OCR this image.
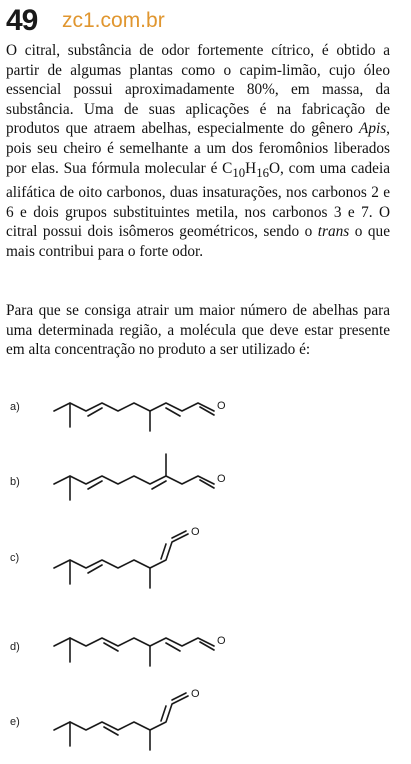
49 zc1.com.br

O citral, substância de odor fortemente cítrico, é obtido a partir de algumas plantas como o capim-limão, cujo óleo essencial possui aproximadamente 80%, em massa, da substância. Uma de suas aplicações é na fabricação de produtos que atraem abelhas, especialmente do gênero Apis, pois seu cheiro é semelhante a um dos feromônios liberados por elas. Sua fórmula molecular é $C_{10}H_{16}O$, com uma cadeia alifática de oito carbonos, duas insaturações, nos carbonos 2 e 6 e dois grupos substituintes metila, nos carbonos 3 e 7. O citral possui dois isômeros geométricos, sendo o trans o que mais contribui para o forte odor.

Para que se consiga atrair um maior número de abelhas para uma determinada região, a molécula que deve estar presente em alta concentração no produto a ser utilizado é:

a)	O
b)	O
c)
O
d)	O
e)
O
